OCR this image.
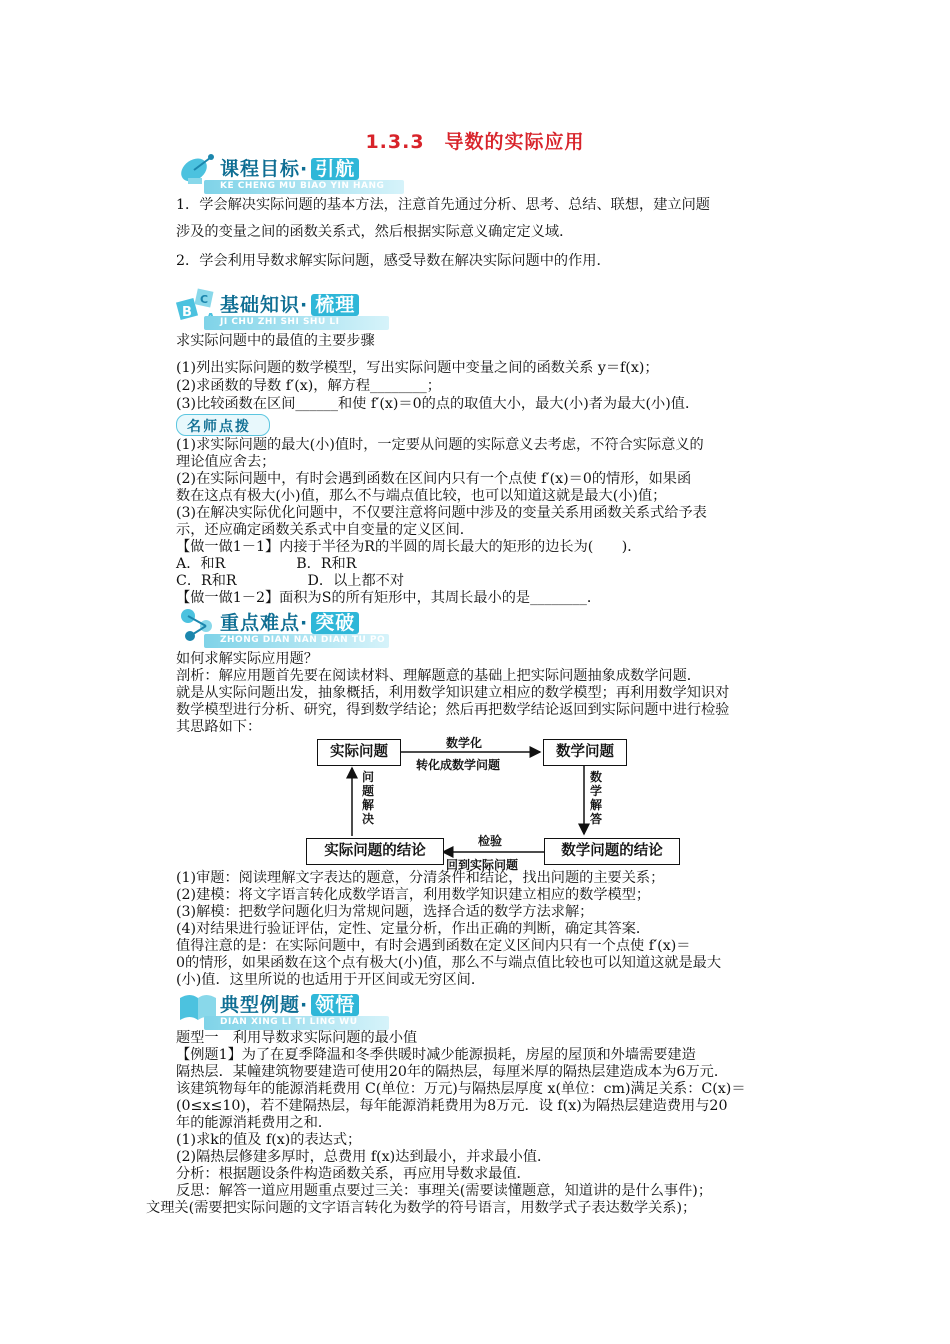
1.3.3　导数的实际应用
课程目标· 引航
KE CHENG MU BIAO YIN HANG
1．学会解决实际问题的基本方法，注意首先通过分析、思考、总结、联想，建立问题
涉及的变量之间的函数关系式，然后根据实际意义确定定义域．
2．学会利用导数求解实际问题，感受导数在解决实际问题中的作用．
B
C 基础知识· 梳理
JI CHU ZHI SHI SHU LI
求实际问题中的最值的主要步骤
(1)列出实际问题的数学模型，写出实际问题中变量之间的函数关系 y＝f(x)；
(2)求函数的导数 f′(x)，解方程________；
(3)比较函数在区间______和使 f′(x)＝0的点的取值大小，最大(小)者为最大(小)值．
名师点拨
(1)求实际问题的最大(小)值时，一定要从问题的实际意义去考虑，不符合实际意义的
理论值应舍去；
(2)在实际问题中，有时会遇到函数在区间内只有一个点使 f′(x)＝0的情形，如果函
数在这点有极大(小)值，那么不与端点值比较，也可以知道这就是最大(小)值；
(3)在解决实际优化问题中，不仅要注意将问题中涉及的变量关系用函数关系式给予表
示，还应确定函数关系式中自变量的定义区间．
【做一做1－1】内接于半径为R的半圆的周长最大的矩形的边长为(　　)．
A．和R　　　　　B．R和R
C．R和R　　　　　D．以上都不对
【做一做1－2】面积为S的所有矩形中，其周长最小的是________．
重点难点· 突破
ZHONG DIAN NAN DIAN TU PO
如何求解实际应用题？
剖析：解应用题首先要在阅读材料、理解题意的基础上把实际问题抽象成数学问题．
就是从实际问题出发，抽象概括，利用数学知识建立相应的数学模型；再利用数学知识对
数学模型进行分析、研究，得到数学结论；然后再把数学结论返回到实际问题中进行检验
其思路如下：
实际问题	数学问题
实际问题的结论	数学问题的结论
数学化
转化成数学问题
数学解答
问题解决
检验
回到实际问题
(1)审题：阅读理解文字表达的题意，分清条件和结论，找出问题的主要关系；
(2)建模：将文字语言转化成数学语言，利用数学知识建立相应的数学模型；
(3)解模：把数学问题化归为常规问题，选择合适的数学方法求解；
(4)对结果进行验证评估，定性、定量分析，作出正确的判断，确定其答案．
值得注意的是：在实际问题中，有时会遇到函数在定义区间内只有一个点使 f′(x)＝
0的情形，如果函数在这个点有极大(小)值，那么不与端点值比较也可以知道这就是最大
(小)值．这里所说的也适用于开区间或无穷区间．
典型例题· 领悟
DIAN XING LI TI LING WU
题型一　利用导数求实际问题的最小值
【例题1】为了在夏季降温和冬季供暖时减少能源损耗，房屋的屋顶和外墙需要建造
隔热层．某幢建筑物要建造可使用20年的隔热层，每厘米厚的隔热层建造成本为6万元．
该建筑物每年的能源消耗费用 C(单位：万元)与隔热层厚度 x(单位：cm)满足关系：C(x)＝
(0≤x≤10)，若不建隔热层，每年能源消耗费用为8万元．设 f(x)为隔热层建造费用与20
年的能源消耗费用之和．
(1)求k的值及 f(x)的表达式；
(2)隔热层修建多厚时，总费用 f(x)达到最小，并求最小值．
分析：根据题设条件构造函数关系，再应用导数求最值．
反思：解答一道应用题重点要过三关：事理关(需要读懂题意，知道讲的是什么事件)；
文理关(需要把实际问题的文字语言转化为数学的符号语言，用数学式子表达数学关系)；
